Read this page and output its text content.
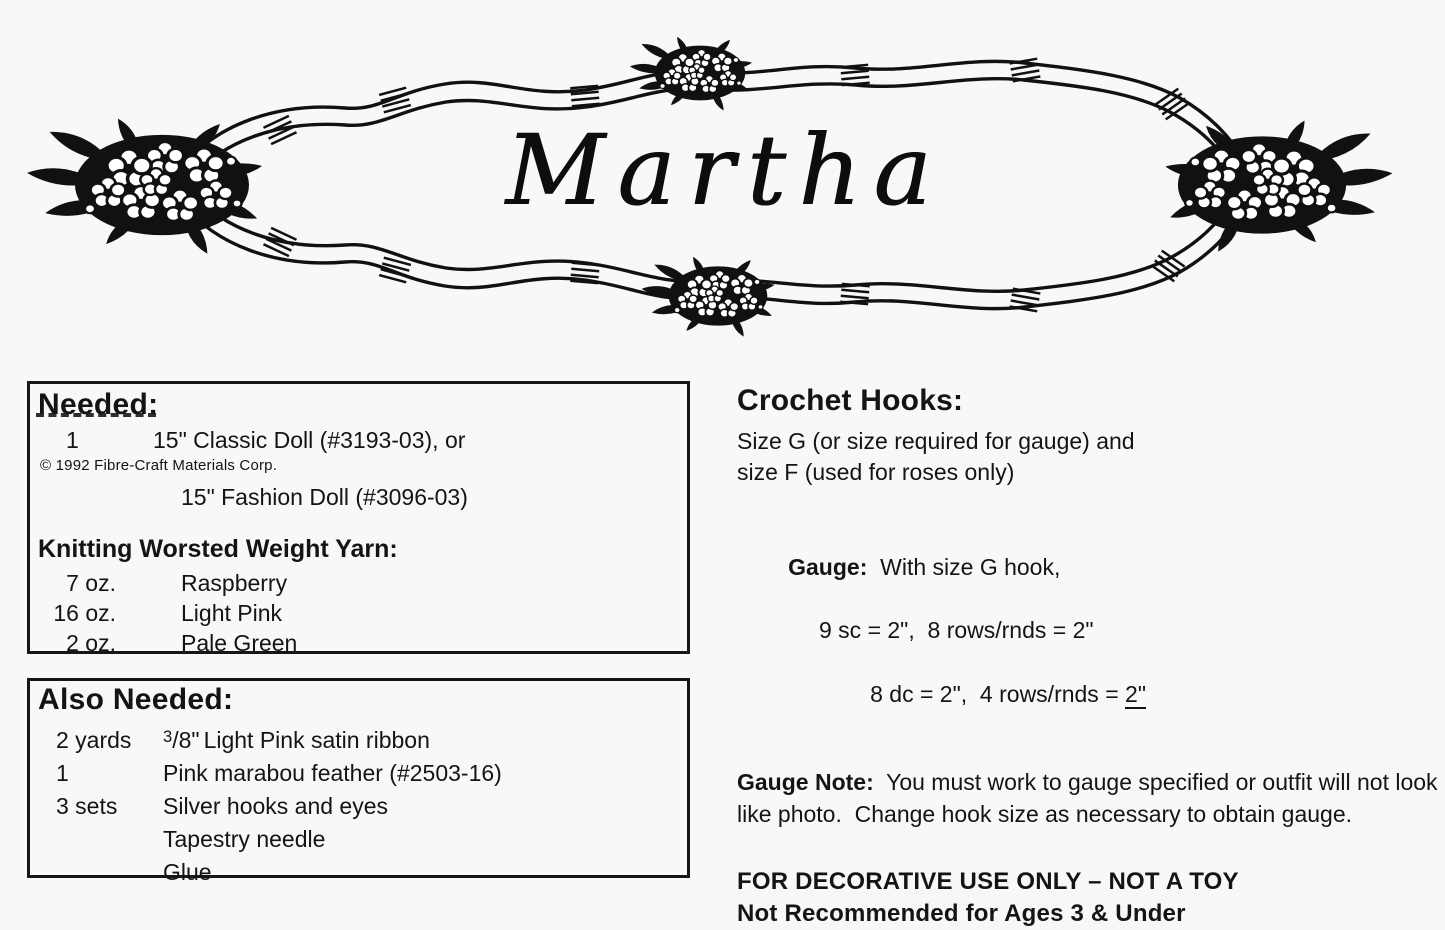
Martha
Needed:
1	15" Classic Doll (#3193-03), or
© 1992 Fibre-Craft Materials Corp.
15" Fashion Doll (#3096-03)
Knitting Worsted Weight Yarn:
7 oz.	Raspberry
16 oz.	Light Pink
2 oz.	Pale Green
Also Needed:
2 yards	$^3$/8" Light Pink satin ribbon
1	Pink marabou feather (#2503-16)
3 sets	Silver hooks and eyes
Tapestry needle
Glue
Crochet Hooks:
Size G (or size required for gauge) and
size F (used for roses only)

Gauge:  With size G hook,

9 sc = 2",  8 rows/rnds = 2"

8 dc = 2",  4 rows/rnds = 2"

Gauge Note:  You must work to gauge specified or outfit will not look like photo.  Change hook size as necessary to obtain gauge.

FOR DECORATIVE USE ONLY – NOT A TOY
Not Recommended for Ages 3 & Under
